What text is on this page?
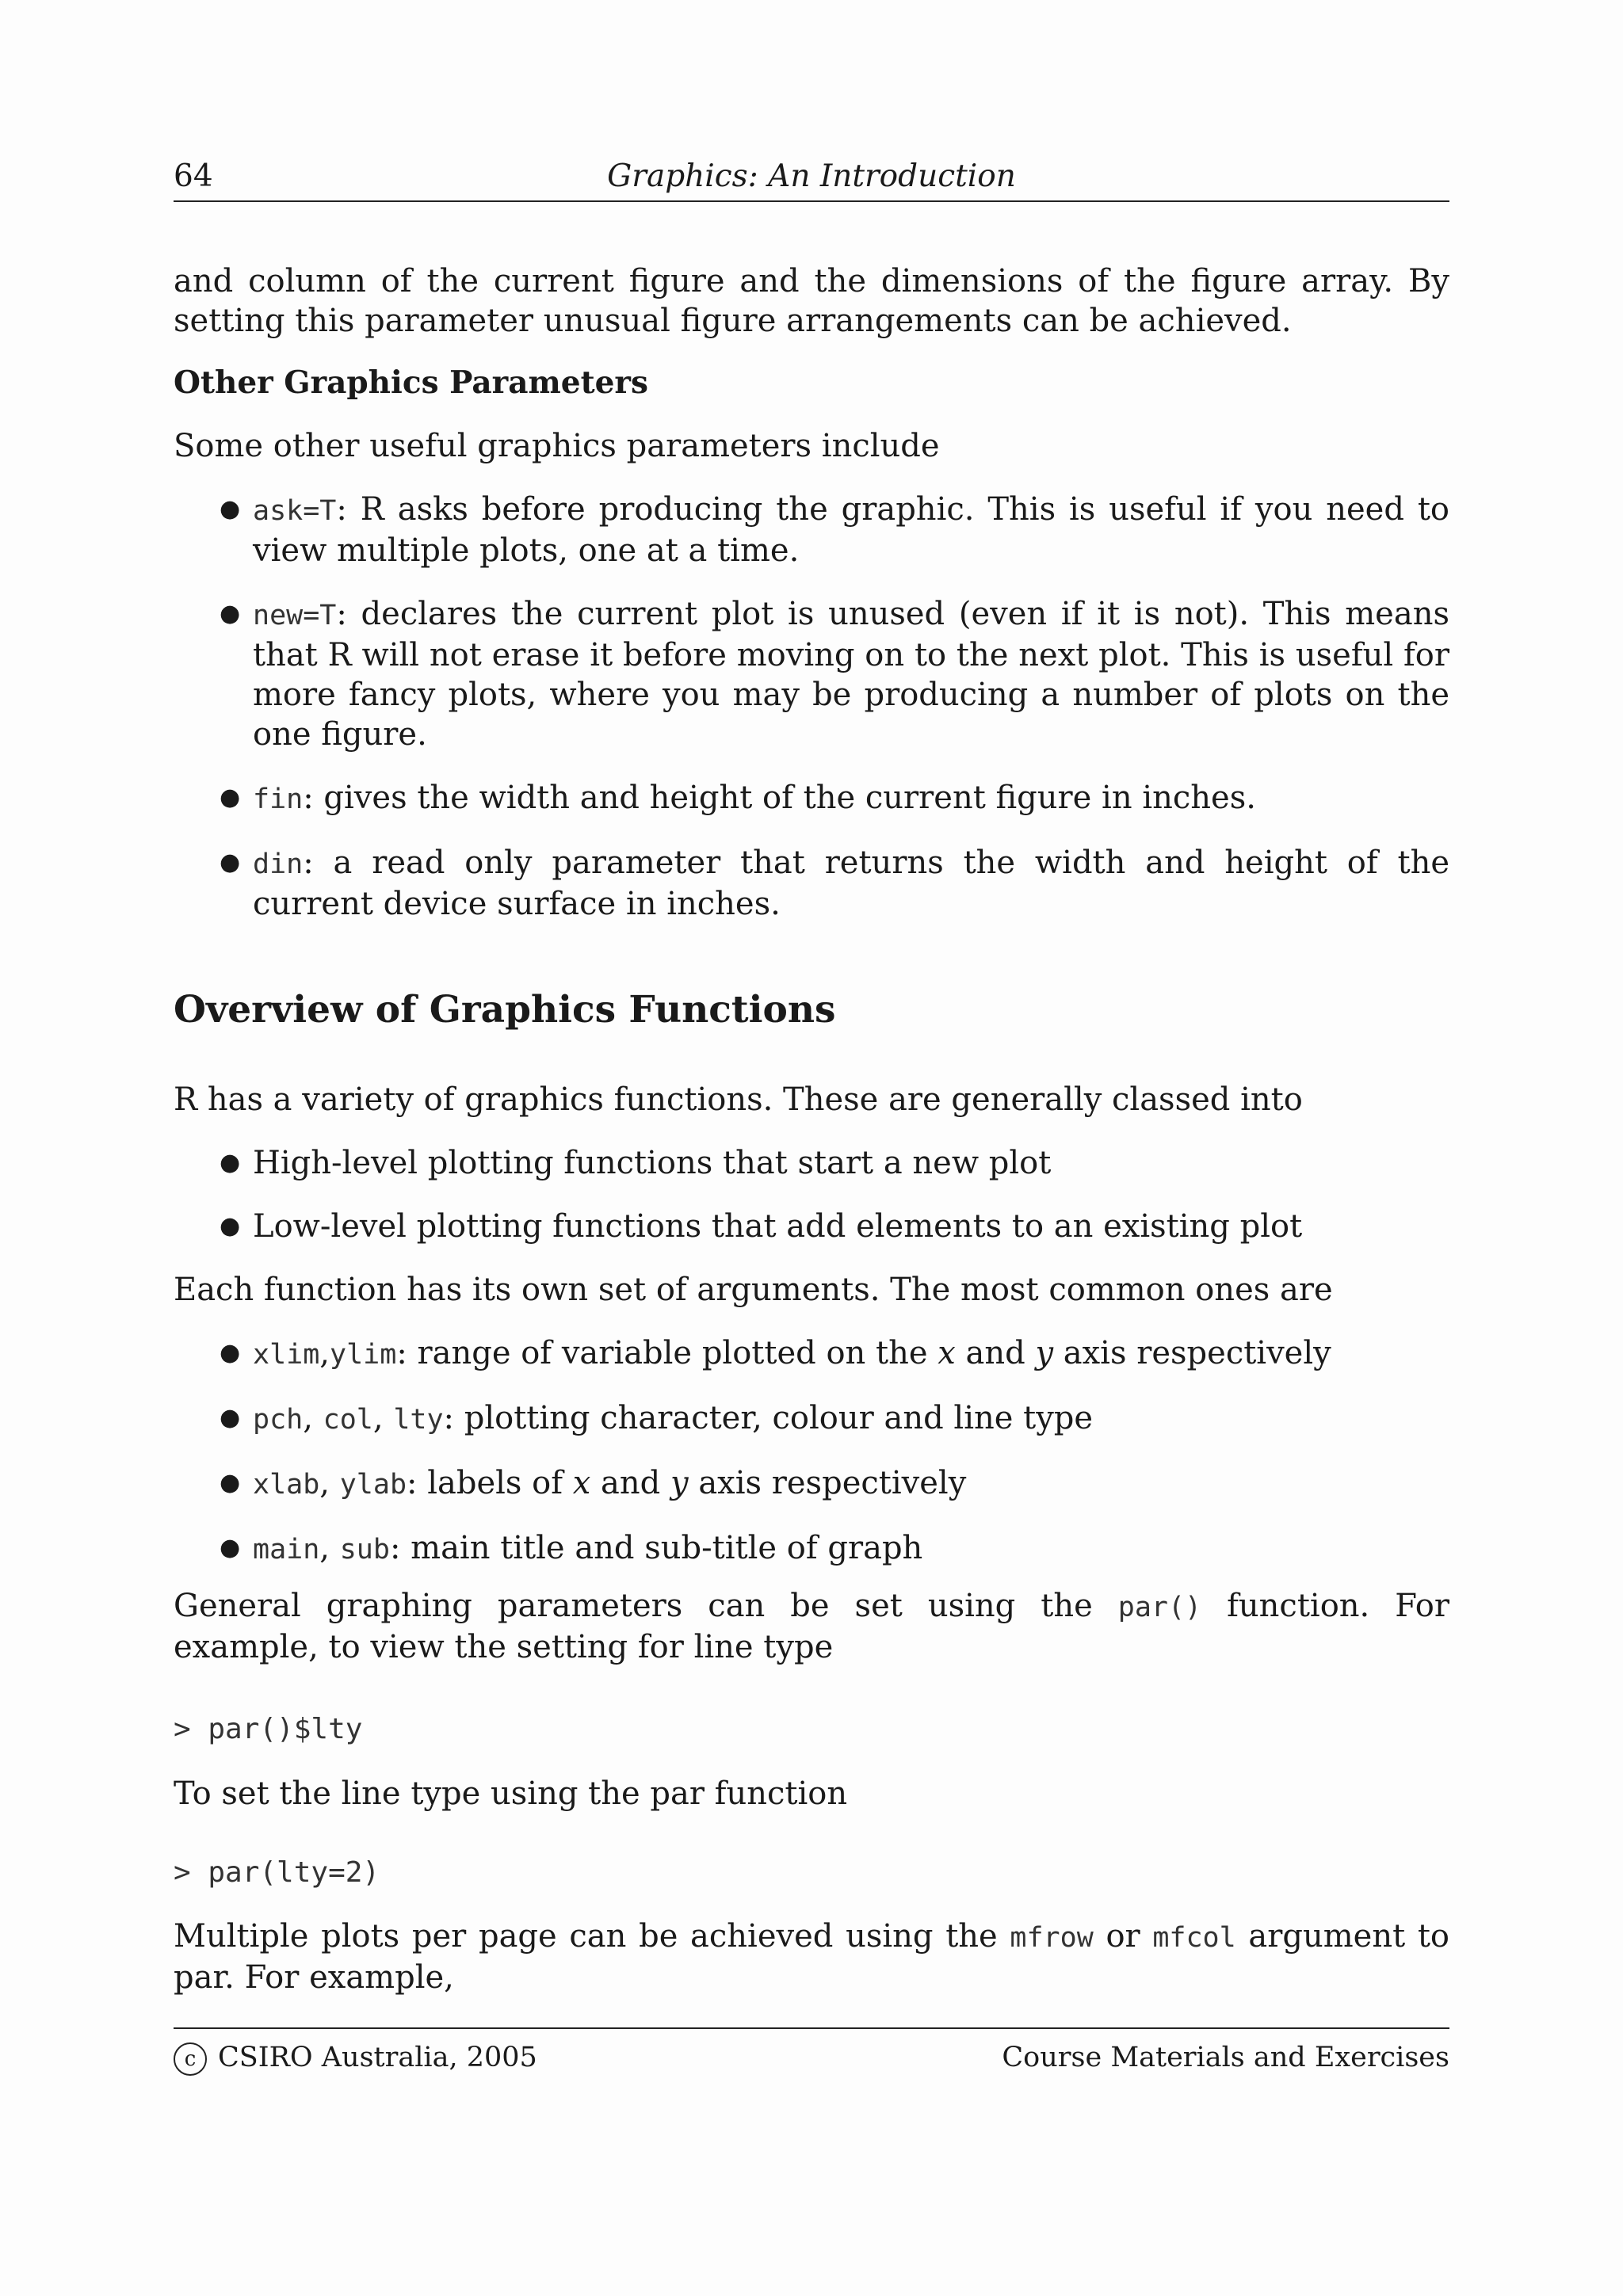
64	Graphics: An Introduction
and column of the current figure and the dimensions of the figure array. By setting this parameter unusual figure arrangements can be achieved.
Other Graphics Parameters
Some other useful graphics parameters include
● ask=T: R asks before producing the graphic. This is useful if you need to view multiple plots, one at a time.
● new=T: declares the current plot is unused (even if it is not). This means that R will not erase it before moving on to the next plot. This is useful for more fancy plots, where you may be producing a number of plots on the one figure.
● fin: gives the width and height of the current figure in inches.
● din: a read only parameter that returns the width and height of the current device surface in inches.
Overview of Graphics Functions
R has a variety of graphics functions. These are generally classed into
● High-level plotting functions that start a new plot
● Low-level plotting functions that add elements to an existing plot
Each function has its own set of arguments. The most common ones are
● xlim,ylim: range of variable plotted on the x and y axis respectively
● pch, col, lty: plotting character, colour and line type
● xlab, ylab: labels of x and y axis respectively
● main, sub: main title and sub-title of graph
General graphing parameters can be set using the par() function. For example, to view the setting for line type
> par()$lty
To set the line type using the par function
> par(lty=2)
Multiple plots per page can be achieved using the mfrow or mfcol argument to par. For example,
c CSIRO Australia, 2005	Course Materials and Exercises
